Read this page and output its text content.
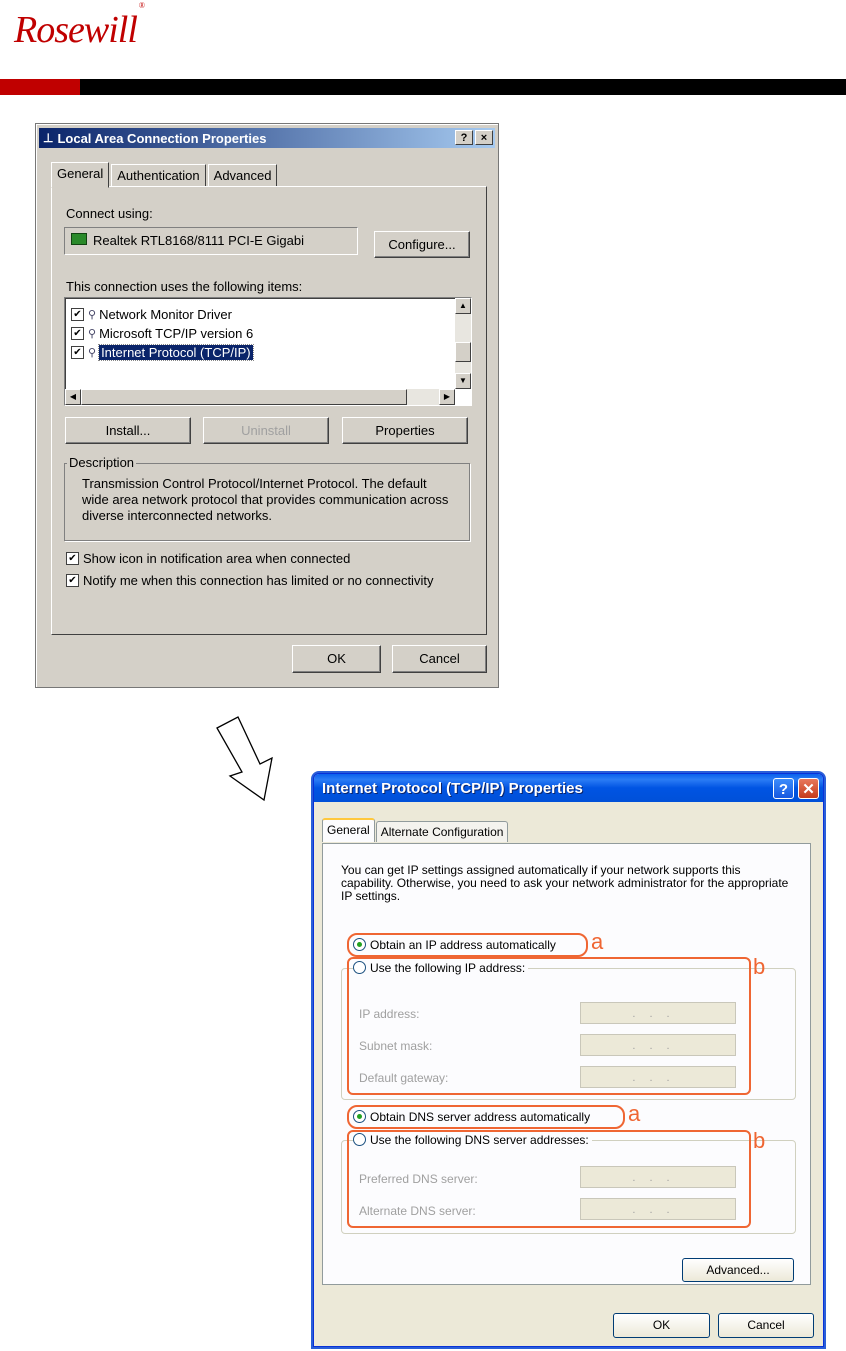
Rosewill®
⊥ Local Area Connection Properties	?	×
General	Authentication	Advanced
Connect using:
Realtek RTL8168/8111 PCI-E Gigabi	Configure...
This connection uses the following items:
✔ ⚲ Network Monitor Driver
✔ ⚲ Microsoft TCP/IP version 6
✔ ⚲ Internet Protocol (TCP/IP)
▲
▼
◀	▶
Install...	Uninstall	Properties
Description
Transmission Control Protocol/Internet Protocol. The default wide area network protocol that provides communication across diverse interconnected networks.
✔ Show icon in notification area when connected
✔ Notify me when this connection has limited or no connectivity
OK	Cancel
Internet Protocol (TCP/IP) Properties	? ✕
General Alternate Configuration
You can get IP settings assigned automatically if your network supports this capability. Otherwise, you need to ask your network administrator for the appropriate IP settings.
Obtain an IP address automatically a
Use the following IP address:
IP address:	...
Subnet mask:	...
Default gateway:	...
b
Obtain DNS server address automatically a
Use the following DNS server addresses:
Preferred DNS server:	...
Alternate DNS server:	...
b
Advanced...
OK	Cancel
